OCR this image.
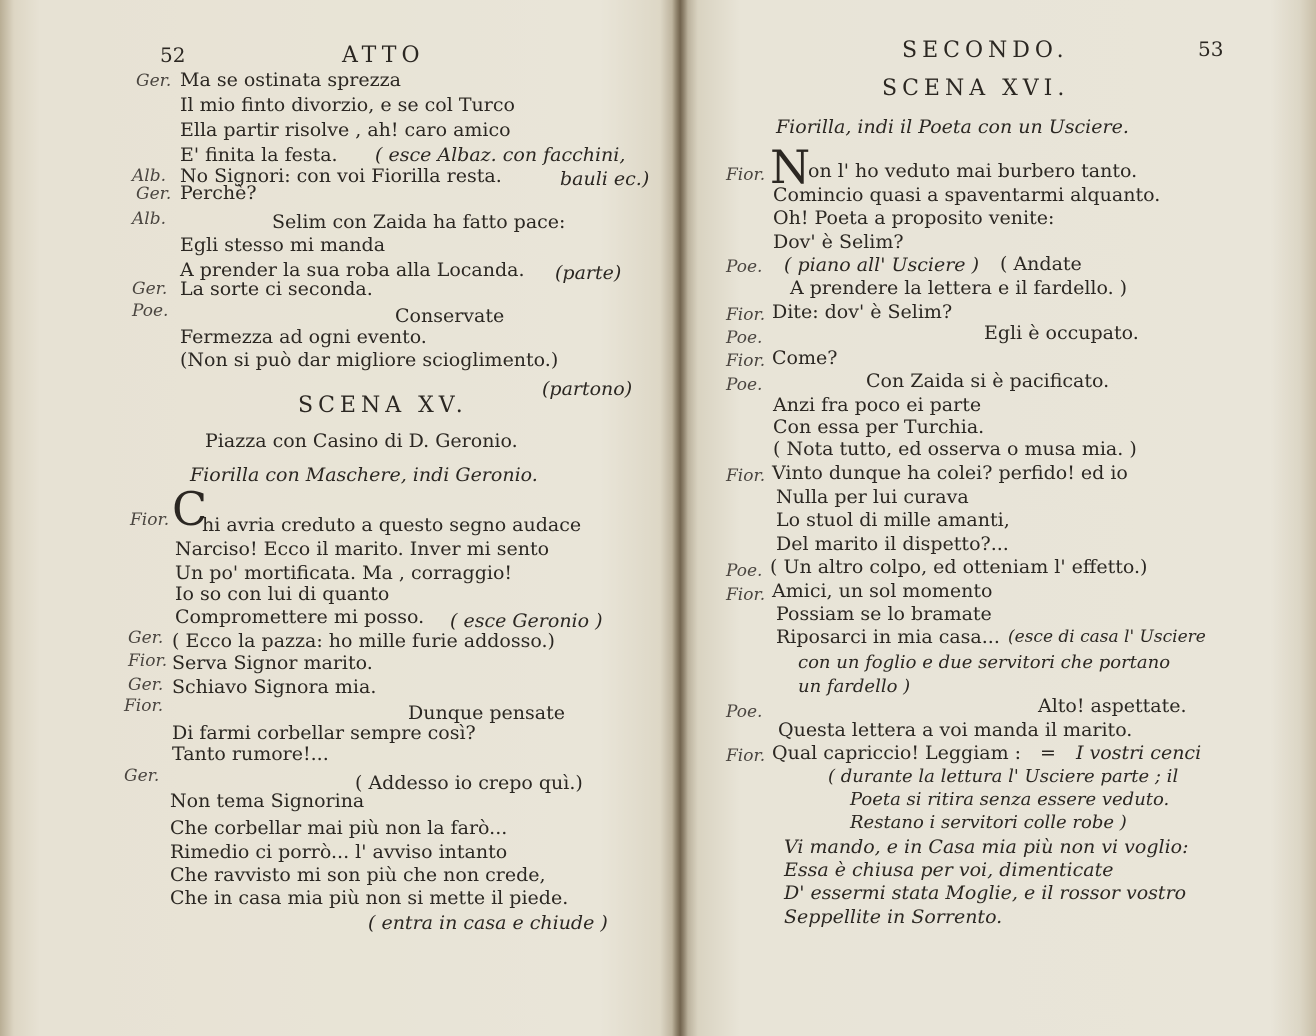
52	ATTO
Ger. Ma se ostinata sprezza
Il mio finto divorzio, e se col Turco
Ella partir risolve , ah! caro amico
E' finita la festa. ( esce Albaz. con facchini,
Alb. No Signori: con voi Fiorilla resta.	bauli ec.)
Ger. Perchè?
Alb.	Selim con Zaida ha fatto pace:
Egli stesso mi manda
A prender la sua roba alla Locanda. (parte)
Ger. La sorte ci seconda.
Poe.	Conservate
Fermezza ad ogni evento.
(Non si può dar migliore scioglimento.)
(partono)
SCENA XV.
Piazza con Casino di D. Geronio.
Fiorilla con Maschere, indi Geronio.
C
Fior. hi avria creduto a questo segno audace
Narciso! Ecco il marito. Inver mi sento
Un po' mortificata. Ma , corraggio!
Io so con lui di quanto
Compromettere mi posso. ( esce Geronio )
Ger. ( Ecco la pazza: ho mille furie addosso.)
Fior. Serva Signor marito.
Ger. Schiavo Signora mia.
Fior.	Dunque pensate
Di farmi corbellar sempre così?
Tanto rumore!...
Ger.	( Addesso io crepo quì.)
Non tema Signorina
Che corbellar mai più non la farò...
Rimedio ci porrò... l' avviso intanto
Che ravvisto mi son più che non crede,
Che in casa mia più non si mette il piede.
( entra in casa e chiude )
SECONDO.	53
SCENA XVI.
Fiorilla, indi il Poeta con un Usciere.
N
Fior. on l' ho veduto mai burbero tanto.
Comincio quasi a spaventarmi alquanto.
Oh! Poeta a proposito venite:
Dov' è Selim?
Poe. ( piano all' Usciere ) ( Andate
A prendere la lettera e il fardello. )
Fior. Dite: dov' è Selim?
Poe.	Egli è occupato.
Fior. Come?
Poe.	Con Zaida si è pacificato.
Anzi fra poco ei parte
Con essa per Turchia.
( Nota tutto, ed osserva o musa mia. )
Fior. Vinto dunque ha colei? perfido! ed io
Nulla per lui curava
Lo stuol di mille amanti,
Del marito il dispetto?...
Poe. ( Un altro colpo, ed otteniam l' effetto.)
Fior. Amici, un sol momento
Possiam se lo bramate
Riposarci in mia casa... (esce di casa l' Usciere
con un foglio e due servitori che portano
un fardello )
Poe.	Alto! aspettate.
Questa lettera a voi manda il marito.
Fior. Qual capriccio! Leggiam : = I vostri cenci
( durante la lettura l' Usciere parte ; il
Poeta si ritira senza essere veduto.
Restano i servitori colle robe )
Vi mando, e in Casa mia più non vi voglio:
Essa è chiusa per voi, dimenticate
D' essermi stata Moglie, e il rossor vostro
Seppellite in Sorrento.
